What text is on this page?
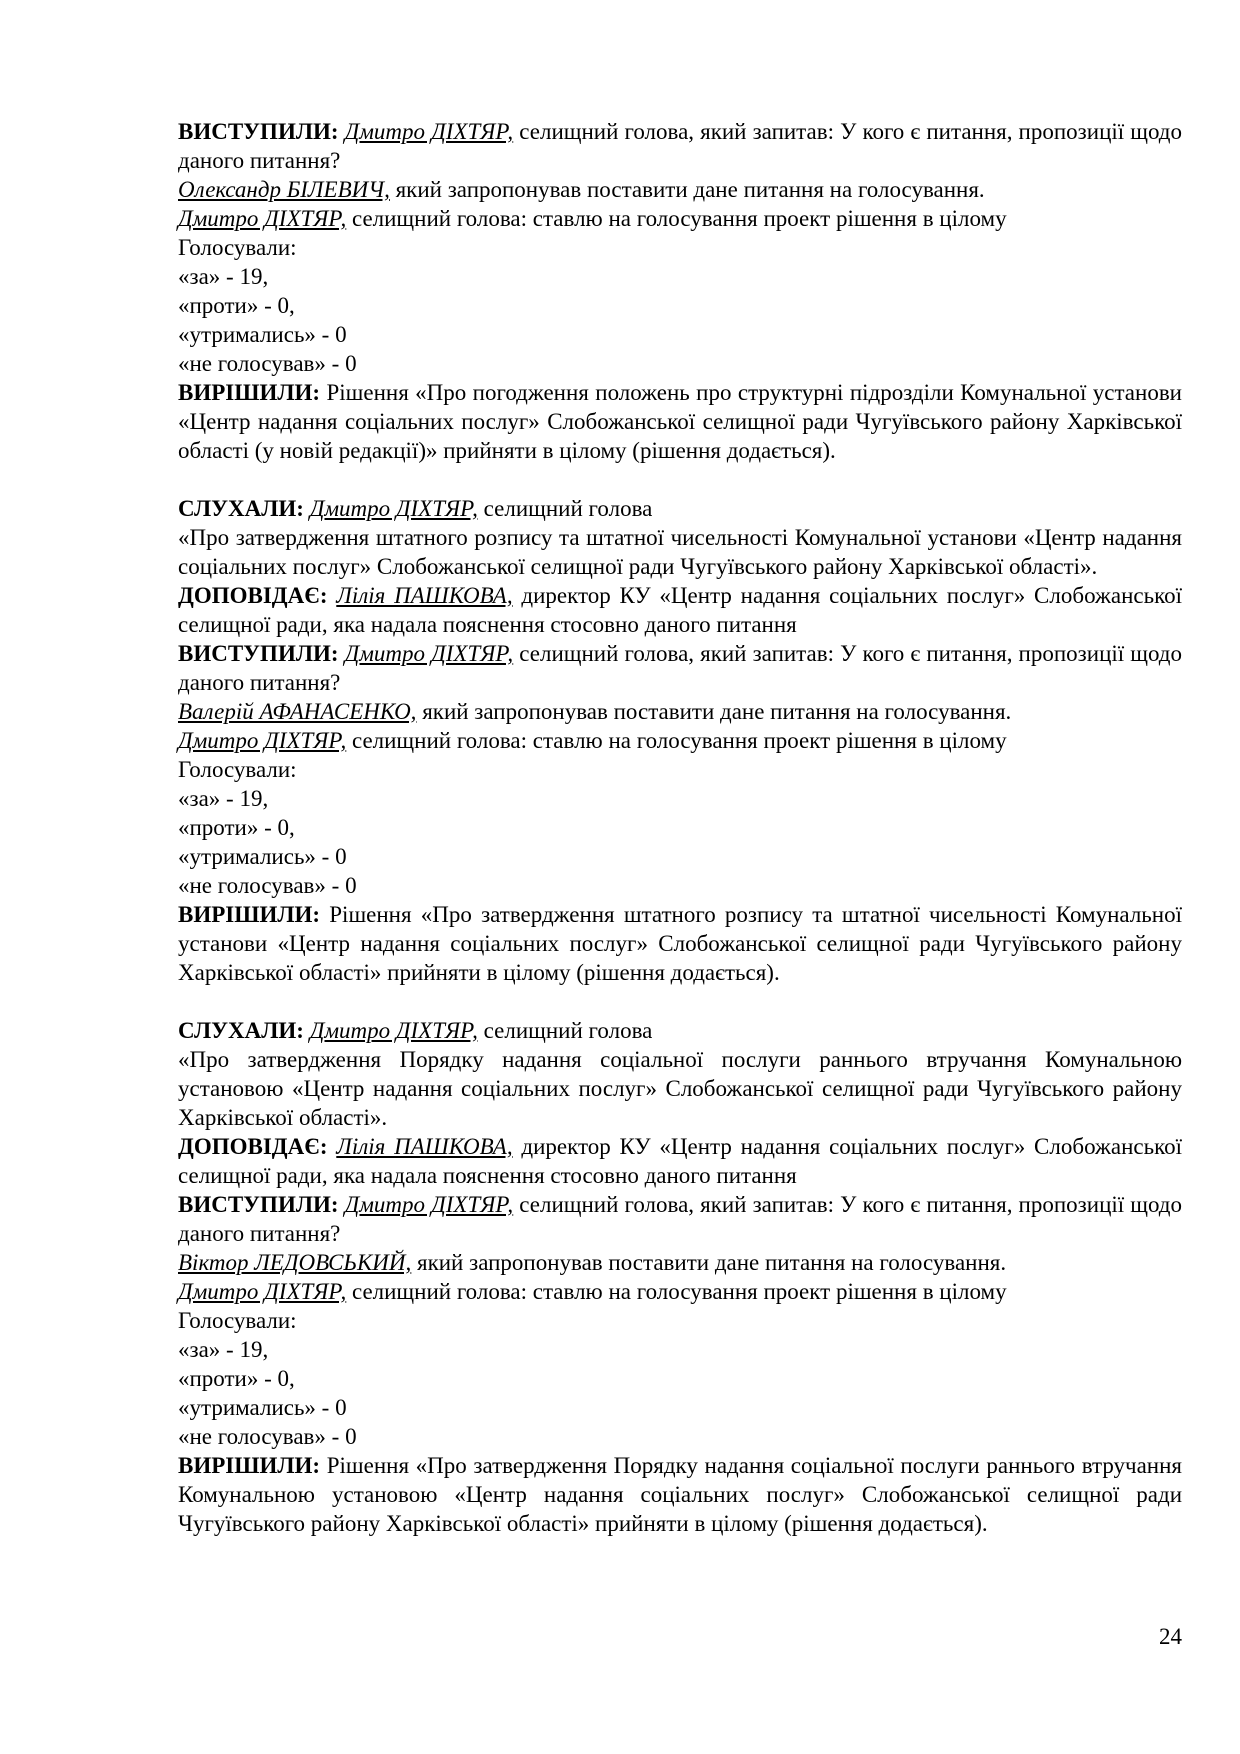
ВИСТУПИЛИ: Дмитро ДІХТЯР, селищний голова, який запитав: У кого є питання, пропозиції щодо даного питання?

Олександр БІЛЕВИЧ, який запропонував поставити дане питання на голосування.

Дмитро ДІХТЯР, селищний голова: ставлю на голосування проект рішення в цілому

Голосували:

«за» - 19,

«проти» - 0,

«утримались» - 0

«не голосував» - 0

ВИРІШИЛИ: Рішення «Про погодження положень про структурні підрозділи Комунальної установи «Центр надання соціальних послуг» Слобожанської селищної ради Чугуївського району Харківської області (у новій редакції)» прийняти в цілому (рішення додається).

СЛУХАЛИ: Дмитро ДІХТЯР, селищний голова

«Про затвердження штатного розпису та штатної чисельності Комунальної установи «Центр надання соціальних послуг» Слобожанської селищної ради Чугуївського району Харківської області».

ДОПОВІДАЄ: Лілія ПАШКОВА, директор КУ «Центр надання соціальних послуг» Слобожанської селищної ради, яка надала пояснення стосовно даного питання

ВИСТУПИЛИ: Дмитро ДІХТЯР, селищний голова, який запитав: У кого є питання, пропозиції щодо даного питання?

Валерій АФАНАСЕНКО, який запропонував поставити дане питання на голосування.

Дмитро ДІХТЯР, селищний голова: ставлю на голосування проект рішення в цілому

Голосували:

«за» - 19,

«проти» - 0,

«утримались» - 0

«не голосував» - 0

ВИРІШИЛИ: Рішення «Про затвердження штатного розпису та штатної чисельності Комунальної установи «Центр надання соціальних послуг» Слобожанської селищної ради Чугуївського району Харківської області» прийняти в цілому (рішення додається).

СЛУХАЛИ: Дмитро ДІХТЯР, селищний голова

«Про затвердження Порядку надання соціальної послуги раннього втручання Комунальною установою «Центр надання соціальних послуг» Слобожанської селищної ради Чугуївського району Харківської області».

ДОПОВІДАЄ: Лілія ПАШКОВА, директор КУ «Центр надання соціальних послуг» Слобожанської селищної ради, яка надала пояснення стосовно даного питання

ВИСТУПИЛИ: Дмитро ДІХТЯР, селищний голова, який запитав: У кого є питання, пропозиції щодо даного питання?

Віктор ЛЕДОВСЬКИЙ, який запропонував поставити дане питання на голосування.

Дмитро ДІХТЯР, селищний голова: ставлю на голосування проект рішення в цілому

Голосували:

«за» - 19,

«проти» - 0,

«утримались» - 0

«не голосував» - 0

ВИРІШИЛИ: Рішення «Про затвердження Порядку надання соціальної послуги раннього втручання Комунальною установою «Центр надання соціальних послуг» Слобожанської селищної ради Чугуївського району Харківської області» прийняти в цілому (рішення додається).

24
